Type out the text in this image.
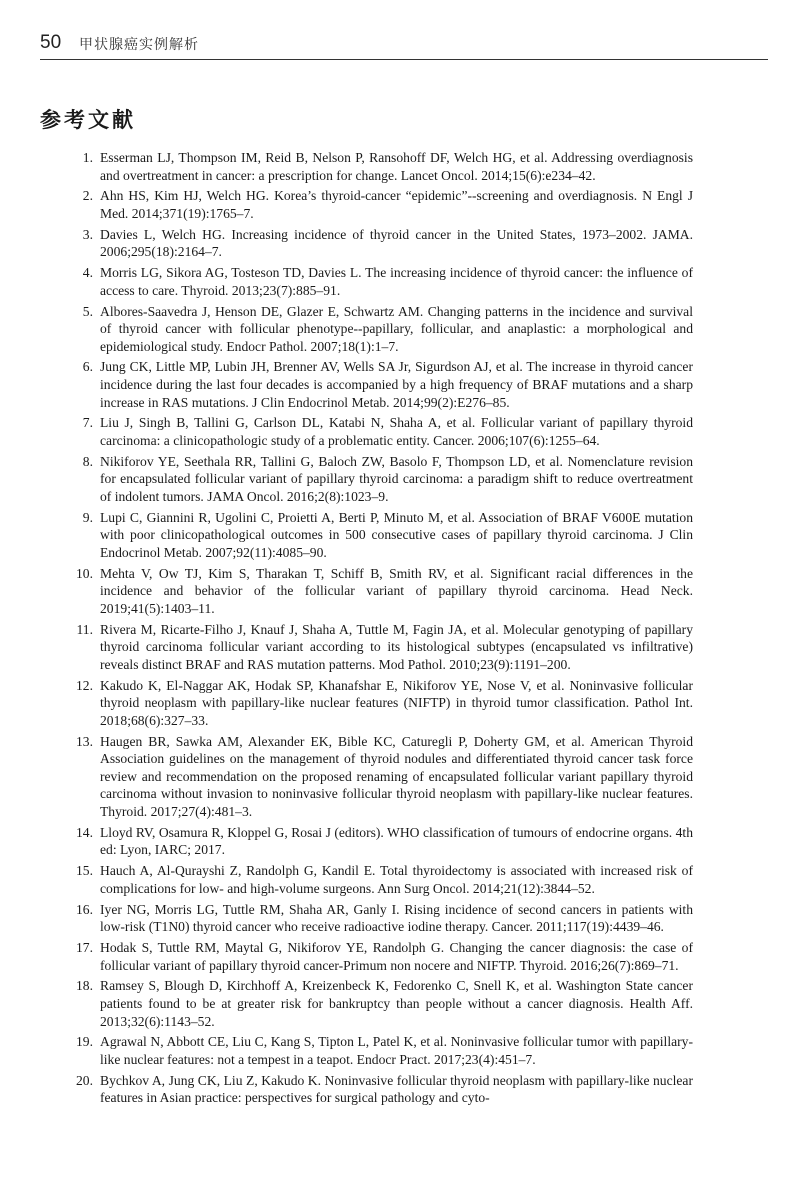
50 甲状腺癌实例解析
参考文献
1. Esserman LJ, Thompson IM, Reid B, Nelson P, Ransohoff DF, Welch HG, et al. Addressing overdiagnosis and overtreatment in cancer: a prescription for change. Lancet Oncol. 2014;15(6):e234–42.
2. Ahn HS, Kim HJ, Welch HG. Korea’s thyroid-cancer “epidemic”--screening and overdiagnosis. N Engl J Med. 2014;371(19):1765–7.
3. Davies L, Welch HG. Increasing incidence of thyroid cancer in the United States, 1973–2002. JAMA. 2006;295(18):2164–7.
4. Morris LG, Sikora AG, Tosteson TD, Davies L. The increasing incidence of thyroid cancer: the influence of access to care. Thyroid. 2013;23(7):885–91.
5. Albores-Saavedra J, Henson DE, Glazer E, Schwartz AM. Changing patterns in the incidence and survival of thyroid cancer with follicular phenotype--papillary, follicular, and anaplastic: a morphological and epidemiological study. Endocr Pathol. 2007;18(1):1–7.
6. Jung CK, Little MP, Lubin JH, Brenner AV, Wells SA Jr, Sigurdson AJ, et al. The increase in thyroid cancer incidence during the last four decades is accompanied by a high frequency of BRAF mutations and a sharp increase in RAS mutations. J Clin Endocrinol Metab. 2014;99(2):E276–85.
7. Liu J, Singh B, Tallini G, Carlson DL, Katabi N, Shaha A, et al. Follicular variant of papillary thyroid carcinoma: a clinicopathologic study of a problematic entity. Cancer. 2006;107(6):1255–64.
8. Nikiforov YE, Seethala RR, Tallini G, Baloch ZW, Basolo F, Thompson LD, et al. Nomenclature revision for encapsulated follicular variant of papillary thyroid carcinoma: a paradigm shift to reduce overtreatment of indolent tumors. JAMA Oncol. 2016;2(8):1023–9.
9. Lupi C, Giannini R, Ugolini C, Proietti A, Berti P, Minuto M, et al. Association of BRAF V600E mutation with poor clinicopathological outcomes in 500 consecutive cases of papillary thyroid carcinoma. J Clin Endocrinol Metab. 2007;92(11):4085–90.
10. Mehta V, Ow TJ, Kim S, Tharakan T, Schiff B, Smith RV, et al. Significant racial differences in the incidence and behavior of the follicular variant of papillary thyroid carcinoma. Head Neck. 2019;41(5):1403–11.
11. Rivera M, Ricarte-Filho J, Knauf J, Shaha A, Tuttle M, Fagin JA, et al. Molecular genotyping of papillary thyroid carcinoma follicular variant according to its histological subtypes (encapsulated vs infiltrative) reveals distinct BRAF and RAS mutation patterns. Mod Pathol. 2010;23(9):1191–200.
12. Kakudo K, El-Naggar AK, Hodak SP, Khanafshar E, Nikiforov YE, Nose V, et al. Noninvasive follicular thyroid neoplasm with papillary-like nuclear features (NIFTP) in thyroid tumor classification. Pathol Int. 2018;68(6):327–33.
13. Haugen BR, Sawka AM, Alexander EK, Bible KC, Caturegli P, Doherty GM, et al. American Thyroid Association guidelines on the management of thyroid nodules and differentiated thyroid cancer task force review and recommendation on the proposed renaming of encapsulated follicular variant papillary thyroid carcinoma without invasion to noninvasive follicular thyroid neoplasm with papillary-like nuclear features. Thyroid. 2017;27(4):481–3.
14. Lloyd RV, Osamura R, Kloppel G, Rosai J (editors). WHO classification of tumours of endocrine organs. 4th ed: Lyon, IARC; 2017.
15. Hauch A, Al-Qurayshi Z, Randolph G, Kandil E. Total thyroidectomy is associated with increased risk of complications for low- and high-volume surgeons. Ann Surg Oncol. 2014;21(12):3844–52.
16. Iyer NG, Morris LG, Tuttle RM, Shaha AR, Ganly I. Rising incidence of second cancers in patients with low-risk (T1N0) thyroid cancer who receive radioactive iodine therapy. Cancer. 2011;117(19):4439–46.
17. Hodak S, Tuttle RM, Maytal G, Nikiforov YE, Randolph G. Changing the cancer diagnosis: the case of follicular variant of papillary thyroid cancer-Primum non nocere and NIFTP. Thyroid. 2016;26(7):869–71.
18. Ramsey S, Blough D, Kirchhoff A, Kreizenbeck K, Fedorenko C, Snell K, et al. Washington State cancer patients found to be at greater risk for bankruptcy than people without a cancer diagnosis. Health Aff. 2013;32(6):1143–52.
19. Agrawal N, Abbott CE, Liu C, Kang S, Tipton L, Patel K, et al. Noninvasive follicular tumor with papillary-like nuclear features: not a tempest in a teapot. Endocr Pract. 2017;23(4):451–7.
20. Bychkov A, Jung CK, Liu Z, Kakudo K. Noninvasive follicular thyroid neoplasm with papillary-like nuclear features in Asian practice: perspectives for surgical pathology and cyto-
